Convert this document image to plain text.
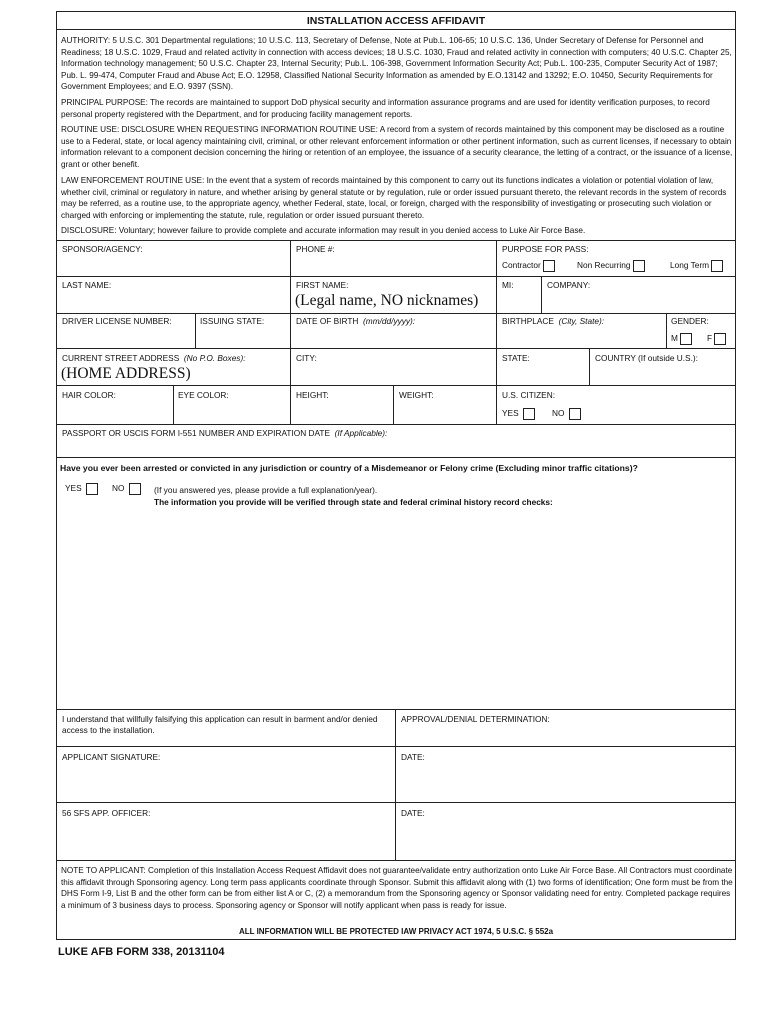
INSTALLATION ACCESS AFFIDAVIT
AUTHORITY: 5 U.S.C. 301 Departmental regulations; 10 U.S.C. 113, Secretary of Defense, Note at Pub.L. 106-65; 10 U.S.C. 136, Under Secretary of Defense for Personnel and Readiness; 18 U.S.C. 1029, Fraud and related activity in connection with access devices; 18 U.S.C. 1030, Fraud and related activity in connection with computers; 40 U.S.C. Chapter 25, Information technology management; 50 U.S.C. Chapter 23, Internal Security; Pub.L. 106-398, Government Information Security Act; Pub.L. 100-235, Computer Security Act of 1987; Pub. L. 99-474, Computer Fraud and Abuse Act; E.O. 12958, Classified National Security Information as amended by E.O.13142 and 13292; E.O. 10450, Security Requirements for Government Employees; and E.O. 9397 (SSN).
PRINCIPAL PURPOSE: The records are maintained to support DoD physical security and information assurance programs and are used for identity verification purposes, to record personal property registered with the Department, and for producing facility management reports.
ROUTINE USE: DISCLOSURE WHEN REQUESTING INFORMATION ROUTINE USE: A record from a system of records maintained by this component may be disclosed as a routine use to a Federal, state, or local agency maintaining civil, criminal, or other relevant enforcement information or other pertinent information, such as current licenses, if necessary to obtain information relevant to a component decision concerning the hiring or retention of an employee, the issuance of a security clearance, the letting of a contract, or the issuance of a license, grant or other benefit.
LAW ENFORCEMENT ROUTINE USE: In the event that a system of records maintained by this component to carry out its functions indicates a violation or potential violation of law, whether civil, criminal or regulatory in nature, and whether arising by general statute or by regulation, rule or order issued pursuant thereto, the relevant records in the system of records may be referred, as a routine use, to the appropriate agency, whether Federal, state, local, or foreign, charged with the responsibility of investigating or prosecuting such violation or charged with enforcing or implementing the statute, rule, regulation or order issued pursuant thereto.
DISCLOSURE: Voluntary; however failure to provide complete and accurate information may result in you denied access to Luke Air Force Base.
SPONSOR/AGENCY:	PHONE #:	PURPOSE FOR PASS:
Contractor	Non Recurring	Long Term
LAST NAME:	FIRST NAME:
(Legal name, NO nicknames)
MI:	COMPANY:
DRIVER LICENSE NUMBER:	ISSUING STATE:	DATE OF BIRTH (mm/dd/yyyy):	BIRTHPLACE (City, State):	GENDER:
M	F
CURRENT STREET ADDRESS (No P.O. Boxes):
(HOME ADDRESS)
CITY:	STATE:	COUNTRY (If outside U.S.):
HAIR COLOR:	EYE COLOR:	HEIGHT:	WEIGHT:	U.S. CITIZEN:
YES	NO
PASSPORT OR USCIS FORM I-551 NUMBER AND EXPIRATION DATE (If Applicable):
Have you ever been arrested or convicted in any jurisdiction or country of a Misdemeanor or Felony crime (Excluding minor traffic citations)?
YES	NO	(If you answered yes, please provide a full explanation/year).
The information you provide will be verified through state and federal criminal history record checks:
I understand that willfully falsifying this application can result in barment and/or denied access to the installation.
APPROVAL/DENIAL DETERMINATION:
APPLICANT SIGNATURE:	DATE:
56 SFS APP. OFFICER:	DATE:
NOTE TO APPLICANT: Completion of this Installation Access Request Affidavit does not guarantee/validate entry authorization onto Luke Air Force Base. All Contractors must coordinate this affidavit through Sponsoring agency. Long term pass applicants coordinate through Sponsor. Submit this affidavit along with (1) two forms of identification; One form must be from the DHS Form I-9, List B and the other form can be from either list A or C, (2) a memorandum from the Sponsoring agency or Sponsor validating need for entry. Completed package requires a minimum of 3 business days to process. Sponsoring agency or Sponsor will notify applicant when pass is ready for issue.
ALL INFORMATION WILL BE PROTECTED IAW PRIVACY ACT 1974, 5 U.S.C. § 552a
LUKE AFB FORM 338, 20131104
